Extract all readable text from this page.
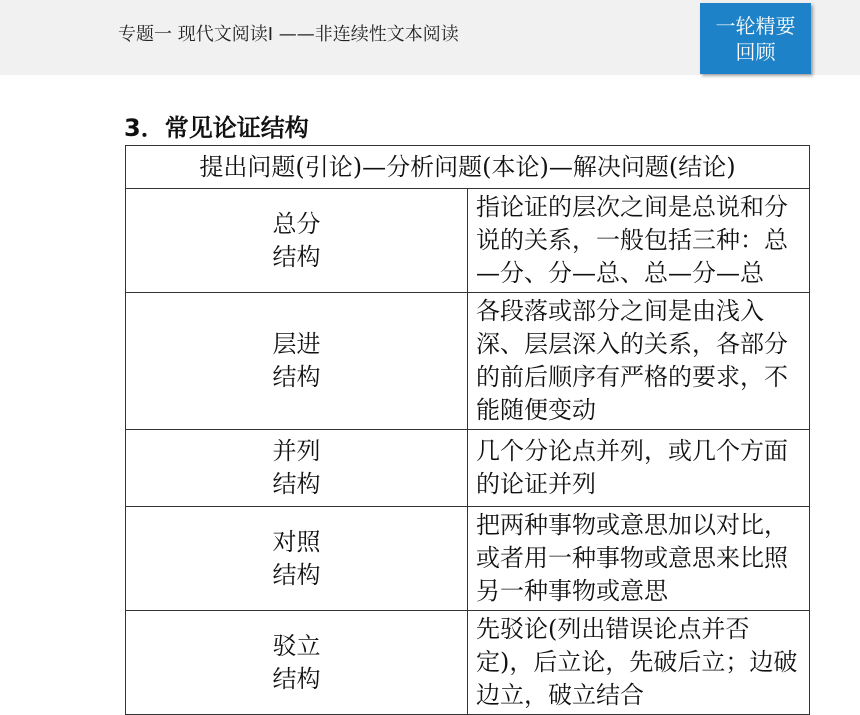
专题一 现代文阅读Ⅰ ——非连续性文本阅读	一轮精要
回顾
3．常见论证结构
提出问题(引论)—分析问题(本论)—解决问题(结论)	

总分
结构	指论证的层次之间是总说和分说的关系，一般包括三种：总—分、分—总、总—分—总

层进
结构	各段落或部分之间是由浅入深、层层深入的关系，各部分的前后顺序有严格的要求，不能随便变动

并列
结构	几个分论点并列，或几个方面的论证并列

对照
结构	把两种事物或意思加以对比，或者用一种事物或意思来比照另一种事物或意思

驳立
结构	先驳论(列出错误论点并否定)，后立论，先破后立；边破边立，破立结合
